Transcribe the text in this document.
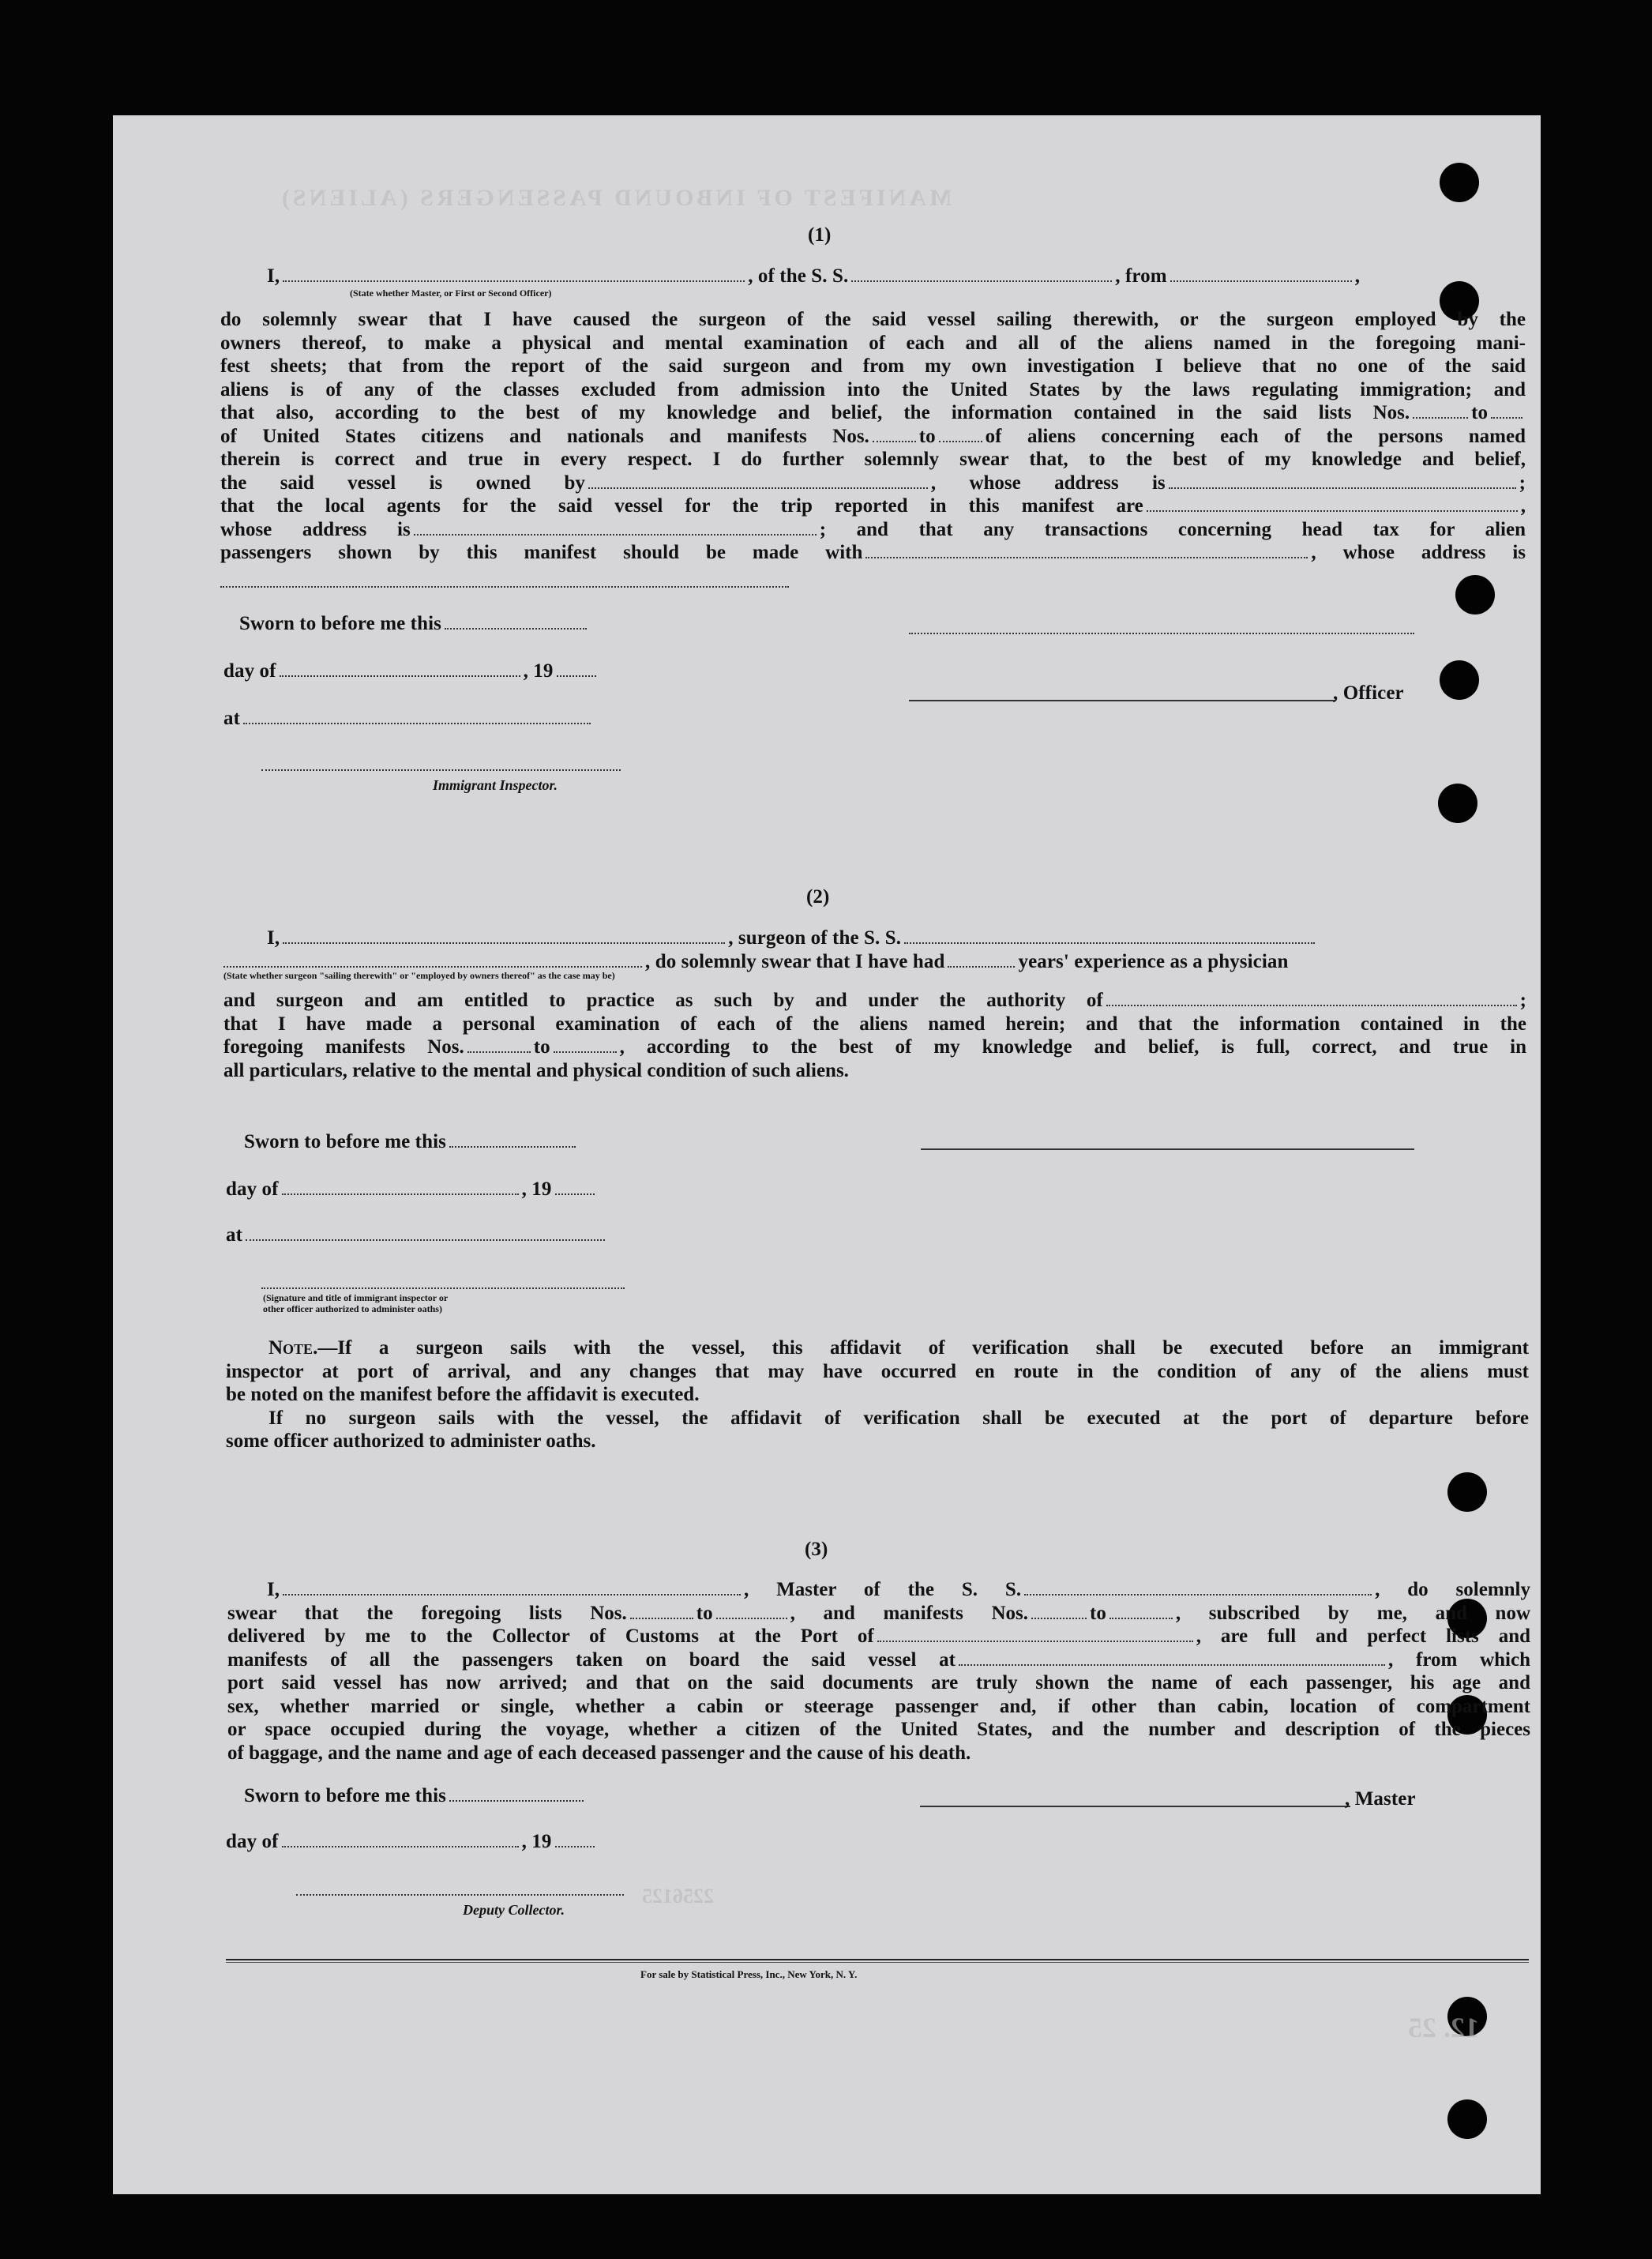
MANIFEST OF INBOUND PASSENGERS (ALIENS)
2256125
12. 25
(1)
I,	, of the S. S.	, from	,
(State whether Master, or First or Second Officer)
do solemnly swear that I have caused the surgeon of the said vessel sailing therewith, or the surgeon employed by the
owners thereof, to make a physical and mental examination of each and all of the aliens named in the foregoing mani-
fest sheets; that from the report of the said surgeon and from my own investigation I believe that no one of the said
aliens is of any of the classes excluded from admission into the United States by the laws regulating immigration; and
that also, according to the best of my knowledge and belief, the information contained in the said lists Nos.	to
of United States citizens and nationals and manifests Nos.	to	of aliens concerning each of the persons named
therein is correct and true in every respect. I do further solemnly swear that, to the best of my knowledge and belief,
the said vessel is owned by	, whose address is	;
that the local agents for the said vessel for the trip reported in this manifest are	,
whose address is	; and that any transactions concerning head tax for alien
passengers shown by this manifest should be made with	, whose address is
Sworn to before me this
day of	, 19
, Officer
at
Immigrant Inspector.
(2)
I,	, surgeon of the S. S.
, do solemnly swear that I have had	years' experience as a physician
(State whether surgeon "sailing therewith" or "employed by owners thereof" as the case may be)
and surgeon and am entitled to practice as such by and under the authority of	;
that I have made a personal examination of each of the aliens named herein; and that the information contained in the
foregoing manifests Nos.	to	, according to the best of my knowledge and belief, is full, correct, and true in
all particulars, relative to the mental and physical condition of such aliens.
Sworn to before me this
day of	, 19
at
(Signature and title of immigrant inspector or
other officer authorized to administer oaths)
Note.—If a surgeon sails with the vessel, this affidavit of verification shall be executed before an immigrant
inspector at port of arrival, and any changes that may have occurred en route in the condition of any of the aliens must
be noted on the manifest before the affidavit is executed.
If no surgeon sails with the vessel, the affidavit of verification shall be executed at the port of departure before
some officer authorized to administer oaths.
(3)
I,	, Master of the S. S.	, do solemnly
swear that the foregoing lists Nos.	to	, and manifests Nos.	to	, subscribed by me, and now
delivered by me to the Collector of Customs at the Port of	, are full and perfect lists and
manifests of all the passengers taken on board the said vessel at	, from which
port said vessel has now arrived; and that on the said documents are truly shown the name of each passenger, his age and
sex, whether married or single, whether a cabin or steerage passenger and, if other than cabin, location of compartment
or space occupied during the voyage, whether a citizen of the United States, and the number and description of the pieces
of baggage, and the name and age of each deceased passenger and the cause of his death.
Sworn to before me this	, Master
day of	, 19
Deputy Collector.
For sale by Statistical Press, Inc., New York, N. Y.
